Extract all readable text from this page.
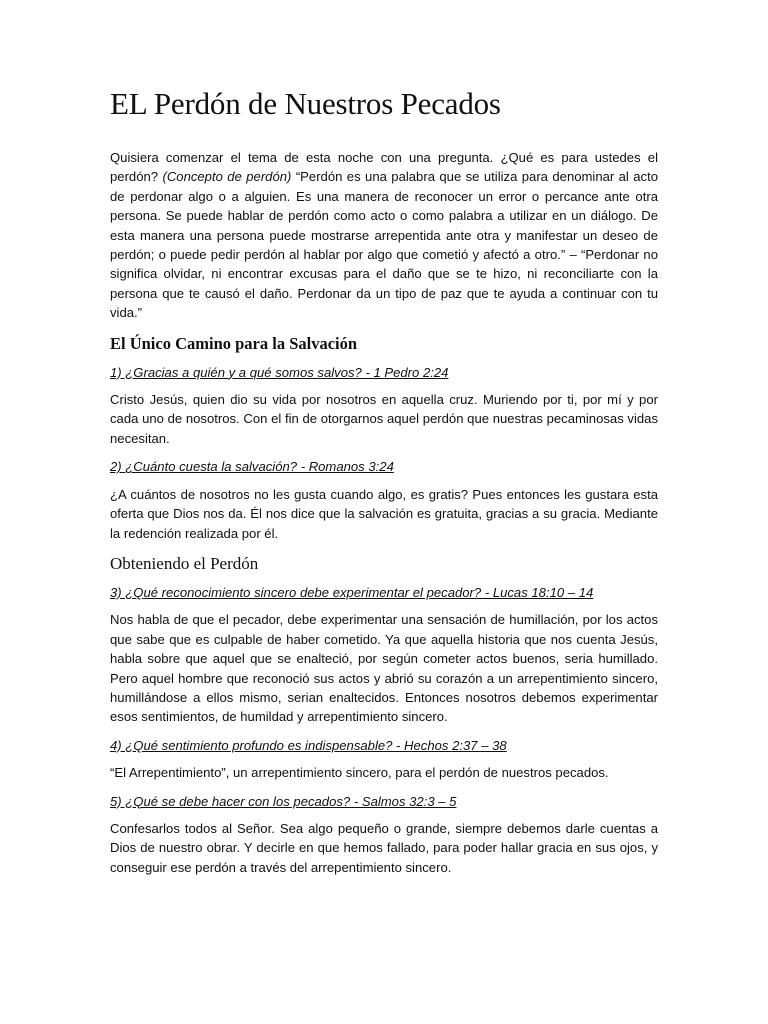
EL Perdón de Nuestros Pecados

Quisiera comenzar el tema de esta noche con una pregunta. ¿Qué es para ustedes el perdón? (Concepto de perdón) “Perdón es una palabra que se utiliza para denominar al acto de perdonar algo o a alguien. Es una manera de reconocer un error o percance ante otra persona. Se puede hablar de perdón como acto o como palabra a utilizar en un diálogo. De esta manera una persona puede mostrarse arrepentida ante otra y manifestar un deseo de perdón; o puede pedir perdón al hablar por algo que cometió y afectó a otro.” – “Perdonar no significa olvidar, ni encontrar excusas para el daño que se te hizo, ni reconciliarte con la persona que te causó el daño. Perdonar da un tipo de paz que te ayuda a continuar con tu vida.”

El Único Camino para la Salvación

1) ¿Gracias a quién y a qué somos salvos? - 1 Pedro 2:24

Cristo Jesús, quien dio su vida por nosotros en aquella cruz. Muriendo por ti, por mí y por cada uno de nosotros. Con el fin de otorgarnos aquel perdón que nuestras pecaminosas vidas necesitan.

2) ¿Cuánto cuesta la salvación? - Romanos 3:24

¿A cuántos de nosotros no les gusta cuando algo, es gratis? Pues entonces les gustara esta oferta que Dios nos da. Él nos dice que la salvación es gratuita, gracias a su gracia. Mediante la redención realizada por él.

Obteniendo el Perdón

3) ¿Qué reconocimiento sincero debe experimentar el pecador? - Lucas 18:10 – 14

Nos habla de que el pecador, debe experimentar una sensación de humillación, por los actos que sabe que es culpable de haber cometido. Ya que aquella historia que nos cuenta Jesús, habla sobre que aquel que se enalteció, por según cometer actos buenos, seria humillado. Pero aquel hombre que reconoció sus actos y abrió su corazón a un arrepentimiento sincero, humillándose a ellos mismo, serian enaltecidos. Entonces nosotros debemos experimentar esos sentimientos, de humildad y arrepentimiento sincero.

4) ¿Qué sentimiento profundo es indispensable? - Hechos 2:37 – 38

“El Arrepentimiento”, un arrepentimiento sincero, para el perdón de nuestros pecados.

5) ¿Qué se debe hacer con los pecados? - Salmos 32:3 – 5

Confesarlos todos al Señor. Sea algo pequeño o grande, siempre debemos darle cuentas a Dios de nuestro obrar. Y decirle en que hemos fallado, para poder hallar gracia en sus ojos, y conseguir ese perdón a través del arrepentimiento sincero.
